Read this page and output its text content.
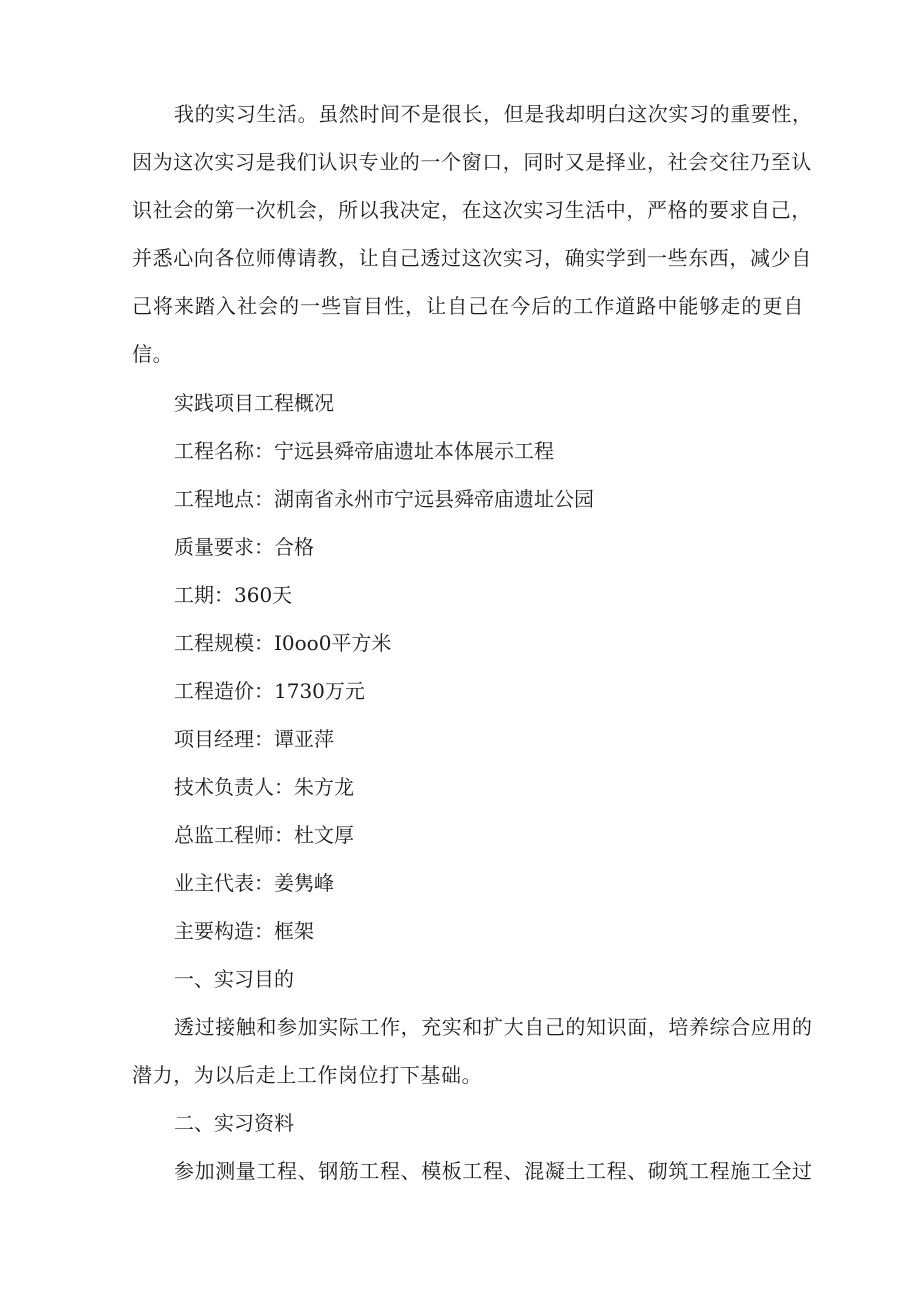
我的实习生活。虽然时间不是很长，但是我却明白这次实习的重要性，
因为这次实习是我们认识专业的一个窗口，同时又是择业，社会交往乃至认
识社会的第一次机会，所以我决定，在这次实习生活中，严格的要求自己，
并悉心向各位师傅请教，让自己透过这次实习，确实学到一些东西，减少自
己将来踏入社会的一些盲目性，让自己在今后的工作道路中能够走的更自
信。
实践项目工程概况
工程名称：宁远县舜帝庙遗址本体展示工程
工程地点：湖南省永州市宁远县舜帝庙遗址公园
质量要求：合格
工期：360天
工程规模：I0oo0平方米
工程造价：1730万元
项目经理：谭亚萍
技术负责人：朱方龙
总监工程师：杜文厚
业主代表：姜隽峰
主要构造：框架
一、实习目的
透过接触和参加实际工作，充实和扩大自己的知识面，培养综合应用的
潜力，为以后走上工作岗位打下基础。
二、实习资料
参加测量工程、钢筋工程、模板工程、混凝土工程、砌筑工程施工全过
